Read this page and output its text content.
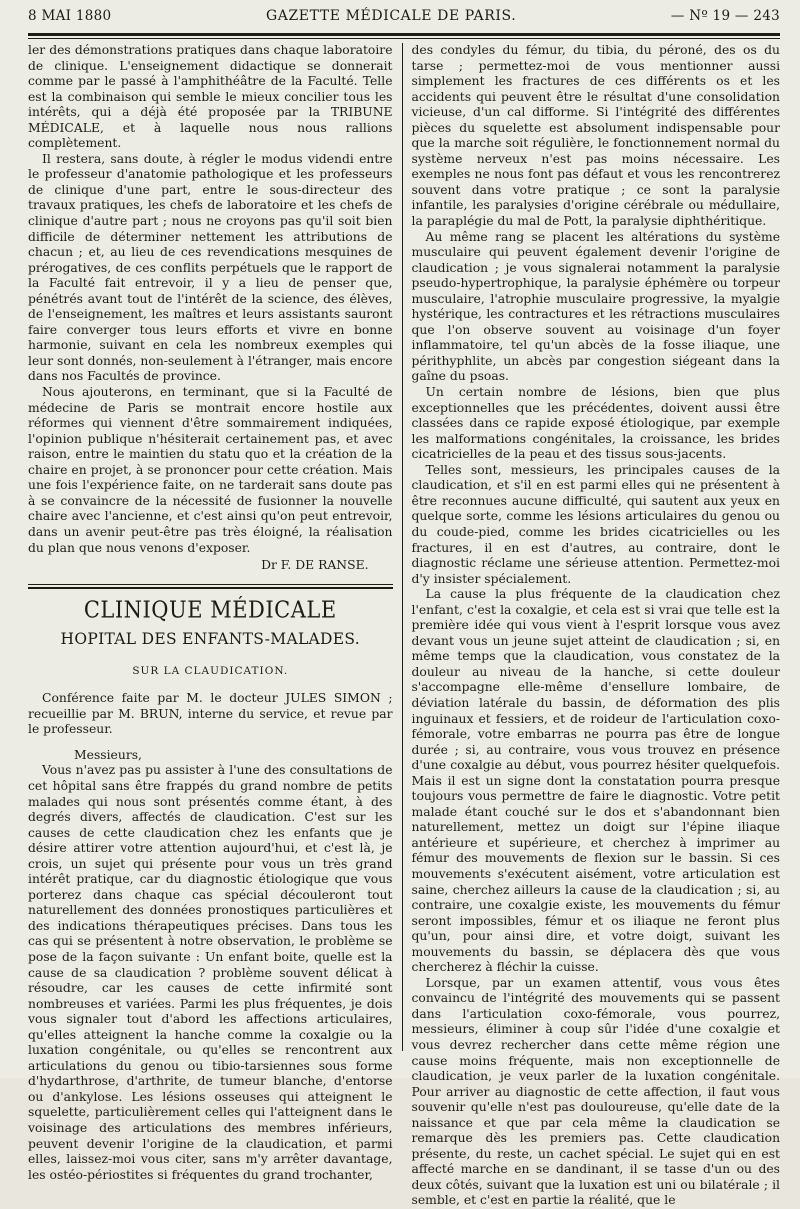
8 MAI 1880	GAZETTE MÉDICALE DE PARIS.	— Nº 19 — 243

ler des démonstrations pratiques dans chaque laboratoire de clinique. L'enseignement didactique se donnerait comme par le passé à l'amphithéâtre de la Faculté. Telle est la combinaison qui semble le mieux concilier tous les intérêts, qui a déjà été proposée par la TRIBUNE MÉDICALE, et à laquelle nous nous rallions complètement.

Il restera, sans doute, à régler le modus videndi entre le professeur d'anatomie pathologique et les professeurs de clinique d'une part, entre le sous-directeur des travaux pratiques, les chefs de laboratoire et les chefs de clinique d'autre part ; nous ne croyons pas qu'il soit bien difficile de déterminer nettement les attributions de chacun ; et, au lieu de ces revendications mesquines de prérogatives, de ces conflits perpétuels que le rapport de la Faculté fait entrevoir, il y a lieu de penser que, pénétrés avant tout de l'intérêt de la science, des élèves, de l'enseignement, les maîtres et leurs assistants sauront faire converger tous leurs efforts et vivre en bonne harmonie, suivant en cela les nombreux exemples qui leur sont donnés, non-seulement à l'étranger, mais encore dans nos Facultés de province.

Nous ajouterons, en terminant, que si la Faculté de médecine de Paris se montrait encore hostile aux réformes qui viennent d'être sommairement indiquées, l'opinion publique n'hésiterait certainement pas, et avec raison, entre le maintien du statu quo et la création de la chaire en projet, à se prononcer pour cette création. Mais une fois l'expérience faite, on ne tarderait sans doute pas à se convaincre de la nécessité de fusionner la nouvelle chaire avec l'ancienne, et c'est ainsi qu'on peut entrevoir, dans un avenir peut-être pas très éloigné, la réalisation du plan que nous venons d'exposer.

Dr F. DE RANSE.
CLINIQUE MÉDICALE
HOPITAL DES ENFANTS-MALADES.
SUR LA CLAUDICATION.

Conférence faite par M. le docteur JULES SIMON ; recueillie par M. BRUN, interne du service, et revue par le professeur.

Messieurs,

Vous n'avez pas pu assister à l'une des consultations de cet hôpital sans être frappés du grand nombre de petits malades qui nous sont présentés comme étant, à des degrés divers, affectés de claudication. C'est sur les causes de cette claudication chez les enfants que je désire attirer votre attention aujourd'hui, et c'est là, je crois, un sujet qui présente pour vous un très grand intérêt pratique, car du diagnostic étiologique que vous porterez dans chaque cas spécial découleront tout naturellement des données pronostiques particulières et des indications thérapeutiques précises. Dans tous les cas qui se présentent à notre observation, le problème se pose de la façon suivante : Un enfant boite, quelle est la cause de sa claudication ? problème souvent délicat à résoudre, car les causes de cette infirmité sont nombreuses et variées. Parmi les plus fréquentes, je dois vous signaler tout d'abord les affections articulaires, qu'elles atteignent la hanche comme la coxalgie ou la luxation congénitale, ou qu'elles se rencontrent aux articulations du genou ou tibio-tarsiennes sous forme d'hydarthrose, d'arthrite, de tumeur blanche, d'entorse ou d'ankylose. Les lésions osseuses qui atteignent le squelette, particulièrement celles qui l'atteignent dans le voisinage des articulations des membres inférieurs, peuvent devenir l'origine de la claudication, et parmi elles, laissez-moi vous citer, sans m'y arrêter davantage, les ostéo-périostites si fréquentes du grand trochanter,

des condyles du fémur, du tibia, du péroné, des os du tarse ; permettez-moi de vous mentionner aussi simplement les fractures de ces différents os et les accidents qui peuvent être le résultat d'une consolidation vicieuse, d'un cal difforme. Si l'intégrité des différentes pièces du squelette est absolument indispensable pour que la marche soit régulière, le fonctionnement normal du système nerveux n'est pas moins nécessaire. Les exemples ne nous font pas défaut et vous les rencontrerez souvent dans votre pratique ; ce sont la paralysie infantile, les paralysies d'origine cérébrale ou médullaire, la paraplégie du mal de Pott, la paralysie diphthéritique.

Au même rang se placent les altérations du système musculaire qui peuvent également devenir l'origine de claudication ; je vous signalerai notamment la paralysie pseudo-hypertrophique, la paralysie éphémère ou torpeur musculaire, l'atrophie musculaire progressive, la myalgie hystérique, les contractures et les rétractions musculaires que l'on observe souvent au voisinage d'un foyer inflammatoire, tel qu'un abcès de la fosse iliaque, une périthyphlite, un abcès par congestion siégeant dans la gaîne du psoas.

Un certain nombre de lésions, bien que plus exceptionnelles que les précédentes, doivent aussi être classées dans ce rapide exposé étiologique, par exemple les malformations congénitales, la croissance, les brides cicatricielles de la peau et des tissus sous-jacents.

Telles sont, messieurs, les principales causes de la claudication, et s'il en est parmi elles qui ne présentent à être reconnues aucune difficulté, qui sautent aux yeux en quelque sorte, comme les lésions articulaires du genou ou du coude-pied, comme les brides cicatricielles ou les fractures, il en est d'autres, au contraire, dont le diagnostic réclame une sérieuse attention. Permettez-moi d'y insister spécialement.

La cause la plus fréquente de la claudication chez l'enfant, c'est la coxalgie, et cela est si vrai que telle est la première idée qui vous vient à l'esprit lorsque vous avez devant vous un jeune sujet atteint de claudication ; si, en même temps que la claudication, vous constatez de la douleur au niveau de la hanche, si cette douleur s'accompagne elle-même d'ensellure lombaire, de déviation latérale du bassin, de déformation des plis inguinaux et fessiers, et de roideur de l'articulation coxo-fémorale, votre embarras ne pourra pas être de longue durée ; si, au contraire, vous vous trouvez en présence d'une coxalgie au début, vous pourrez hésiter quelquefois. Mais il est un signe dont la constatation pourra presque toujours vous permettre de faire le diagnostic. Votre petit malade étant couché sur le dos et s'abandonnant bien naturellement, mettez un doigt sur l'épine iliaque antérieure et supérieure, et cherchez à imprimer au fémur des mouvements de flexion sur le bassin. Si ces mouvements s'exécutent aisément, votre articulation est saine, cherchez ailleurs la cause de la claudication ; si, au contraire, une coxalgie existe, les mouvements du fémur seront impossibles, fémur et os iliaque ne feront plus qu'un, pour ainsi dire, et votre doigt, suivant les mouvements du bassin, se déplacera dès que vous chercherez à fléchir la cuisse.

Lorsque, par un examen attentif, vous vous êtes convaincu de l'intégrité des mouvements qui se passent dans l'articulation coxo-fémorale, vous pourrez, messieurs, éliminer à coup sûr l'idée d'une coxalgie et vous devrez rechercher dans cette même région une cause moins fréquente, mais non exceptionnelle de claudication, je veux parler de la luxation congénitale. Pour arriver au diagnostic de cette affection, il faut vous souvenir qu'elle n'est pas douloureuse, qu'elle date de la naissance et que par cela même la claudication se remarque dès les premiers pas. Cette claudication présente, du reste, un cachet spécial. Le sujet qui en est affecté marche en se dandinant, il se tasse d'un ou des deux côtés, suivant que la luxation est uni ou bilatérale ; il semble, et c'est en partie la réalité, que le
